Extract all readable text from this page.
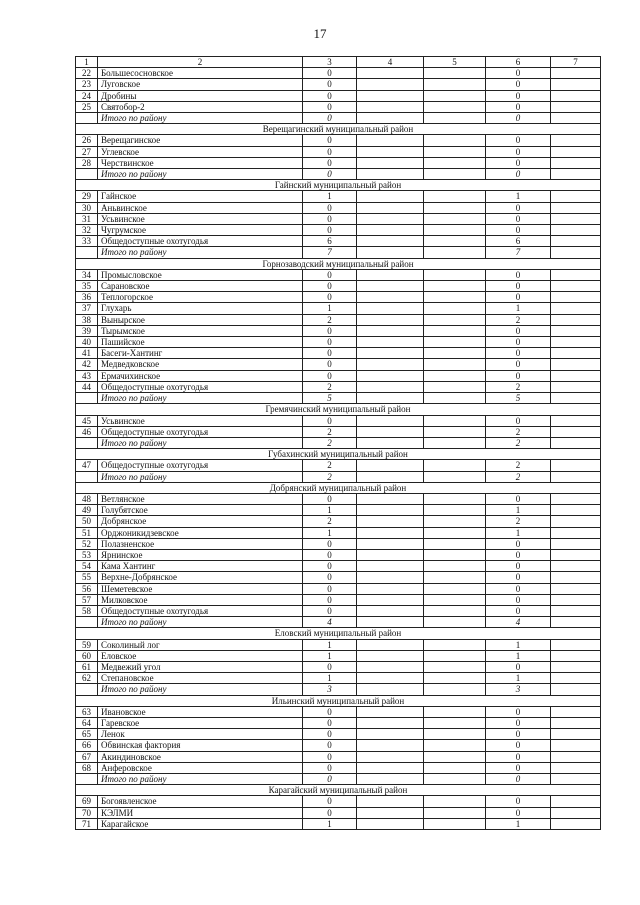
17
1	2	3	4	5	6	7
22	Большесосновское	0			0	
23	Луговское	0			0	
24	Дробины	0			0	
25	Святобор-2	0			0	
	Итого по району	0			0	
Верещагинский муниципальный район						
26	Верещагинское	0			0	
27	Углевское	0			0	
28	Черствинское	0			0	
	Итого по району	0			0	
Гайнский муниципальный район						
29	Гайнское	1			1	
30	Аньвинское	0			0	
31	Усьвинское	0			0	
32	Чугрумское	0			0	
33	Общедоступные охотугодья	6			6	
	Итого по району	7			7	
Горнозаводский муниципальный район						
34	Промысловское	0			0	
35	Сарановское	0			0	
36	Теплогорское	0			0	
37	Глухарь	1			1	
38	Вынырское	2			2	
39	Тырымское	0			0	
40	Пашийское	0			0	
41	Басеги-Хантинг	0			0	
42	Медведковское	0			0	
43	Ермачихинское	0			0	
44	Общедоступные охотугодья	2			2	
	Итого по району	5			5	
Гремячинский муниципальный район						
45	Усьвинское	0			0	
46	Общедоступные охотугодья	2			2	
	Итого по району	2			2	
Губахинский муниципальный район						
47	Общедоступные охотугодья	2			2	
	Итого по району	2			2	
Добрянский муниципальный район						
48	Ветлянское	0			0	
49	Голубятское	1			1	
50	Добрянское	2			2	
51	Орджоникидзевское	1			1	
52	Полазненское	0			0	
53	Ярнинское	0			0	
54	Кама Хантинг	0			0	
55	Верхне-Добрянское	0			0	
56	Шеметевское	0			0	
57	Милковское	0			0	
58	Общедоступные охотугодья	0			0	
	Итого по району	4			4	
Еловский муниципальный район						
59	Соколиный лог	1			1	
60	Еловское	1			1	
61	Медвежий угол	0			0	
62	Степановское	1			1	
	Итого по району	3			3	
Ильинский муниципальный район						
63	Ивановское	0			0	
64	Гаревское	0			0	
65	Ленок	0			0	
66	Обвинская фактория	0			0	
67	Акиндиновское	0			0	
68	Анферовское	0			0	
	Итого по району	0			0	
Карагайский муниципальный район						
69	Богоявленское	0			0	
70	КЭЛМИ	0			0	
71	Карагайское	1			1	
